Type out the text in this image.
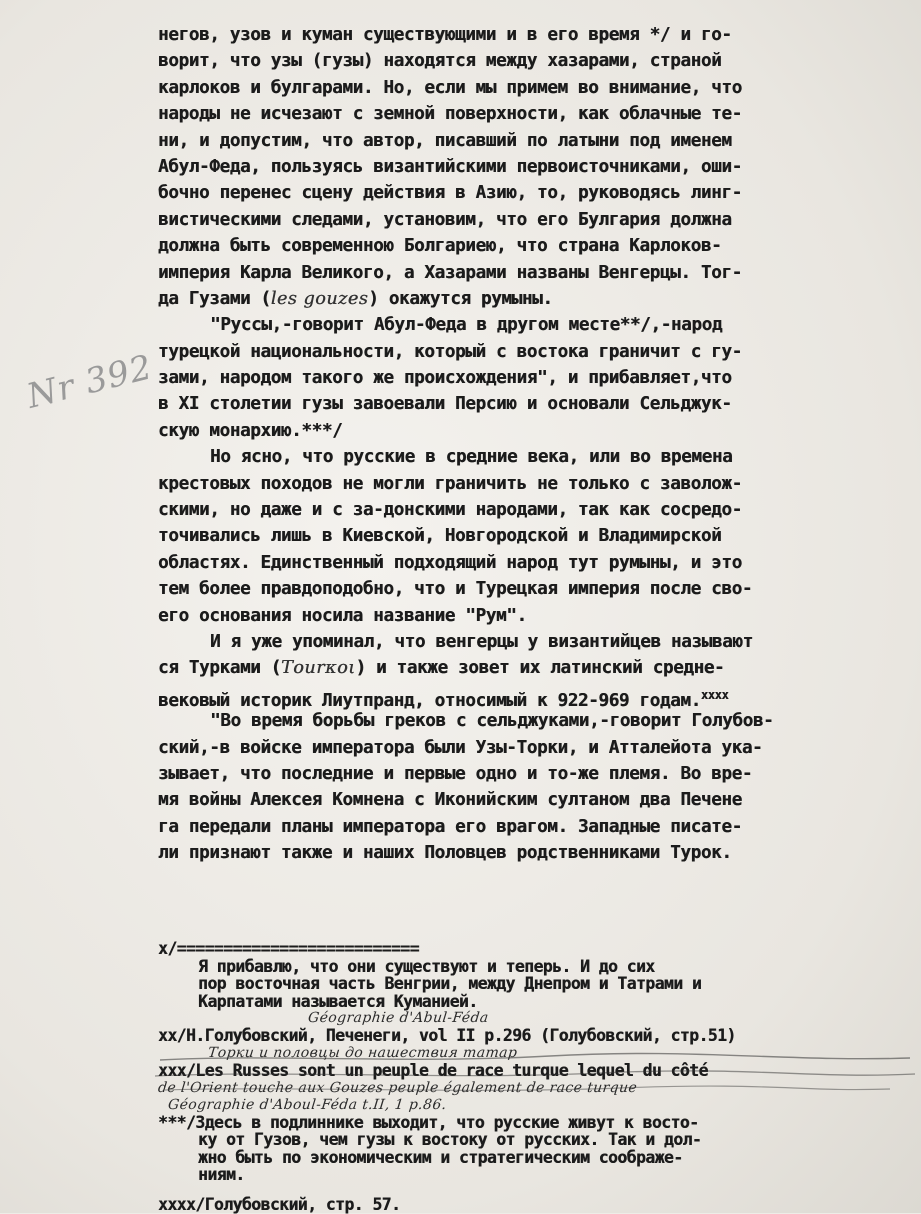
Nr 392
негов, узов и куман существующими и в его время */ и го-
ворит, что узы (гузы) находятся между хазарами, страной
карлоков и булгарами. Но, если мы примем во внимание, что
народы не исчезают с земной поверхности, как облачные те-
ни, и допустим, что автор, писавший по латыни под именем
Абул-Феда, пользуясь византийскими первоисточниками, оши-
бочно перенес сцену действия в Азию, то, руководясь линг-
вистическими следами, установим, что его Булгария должна
должна быть современною Болгариею, что страна Карлоков-
империя Карла Великого, а Хазарами названы Венгерцы. Тог-
да Гузами (les gouzes) окажутся румыны.
"Руссы,-говорит Абул-Феда в другом месте**/,-народ
турецкой национальности, который с востока граничит с гу-
зами, народом такого же происхождения", и прибавляет,что
в XI столетии гузы завоевали Персию и основали Сельджук-
скую монархию.***/
Но ясно, что русские в средние века, или во времена
крестовых походов не могли граничить не только с заволож-
скими, но даже и с за-донскими народами, так как сосредо-
точивались лишь в Киевской, Новгородской и Владимирской
областях. Единственный подходящий народ тут румыны, и это
тем более правдоподобно, что и Турецкая империя после сво-
его основания носила название "Рум".
И я уже упоминал, что венгерцы у византийцев называют
ся Турками (Τοurκοι) и также зовет их латинский средне-
вековый историк Лиутпранд, относимый к 922-969 годам.$^{xxxx}$
"Во время борьбы греков с сельджуками,-говорит Голубов-
ский,-в войске императора были Узы-Торки, и Атталейота ука-
зывает, что последние и первые одно и то-же племя. Во вре-
мя войны Алексея Комнена с Иконийским султаном два Печене
га передали планы императора его врагом. Западные писате-
ли признают также и наших Половцев родственниками Турок.
x/==========================
Я прибавлю, что они существуют и теперь. И до сих
пор восточная часть Венгрии, между Днепром и Татрами и
Карпатами называется Куманией.
Géographie d'Abul-Féda
xx/Н.Голубовский, Печенеги, vol II p.296 (Голубовский, стр.51)
Торки и половцы до нашествия татар
xxx/Les Russes sont un peuple de race turque lequel du côté
de l'Orient touche aux Gouzes peuple également de race turque
Géographie d'Aboul-Féda t.II, 1 p.86.
***/Здесь в подлиннике выходит, что русские живут к восто-
ку от Гузов, чем гузы к востоку от русских. Так и дол-
жно быть по экономическим и стратегическим соображе-
ниям.
xxxx/Голубовский, стр. 57.
